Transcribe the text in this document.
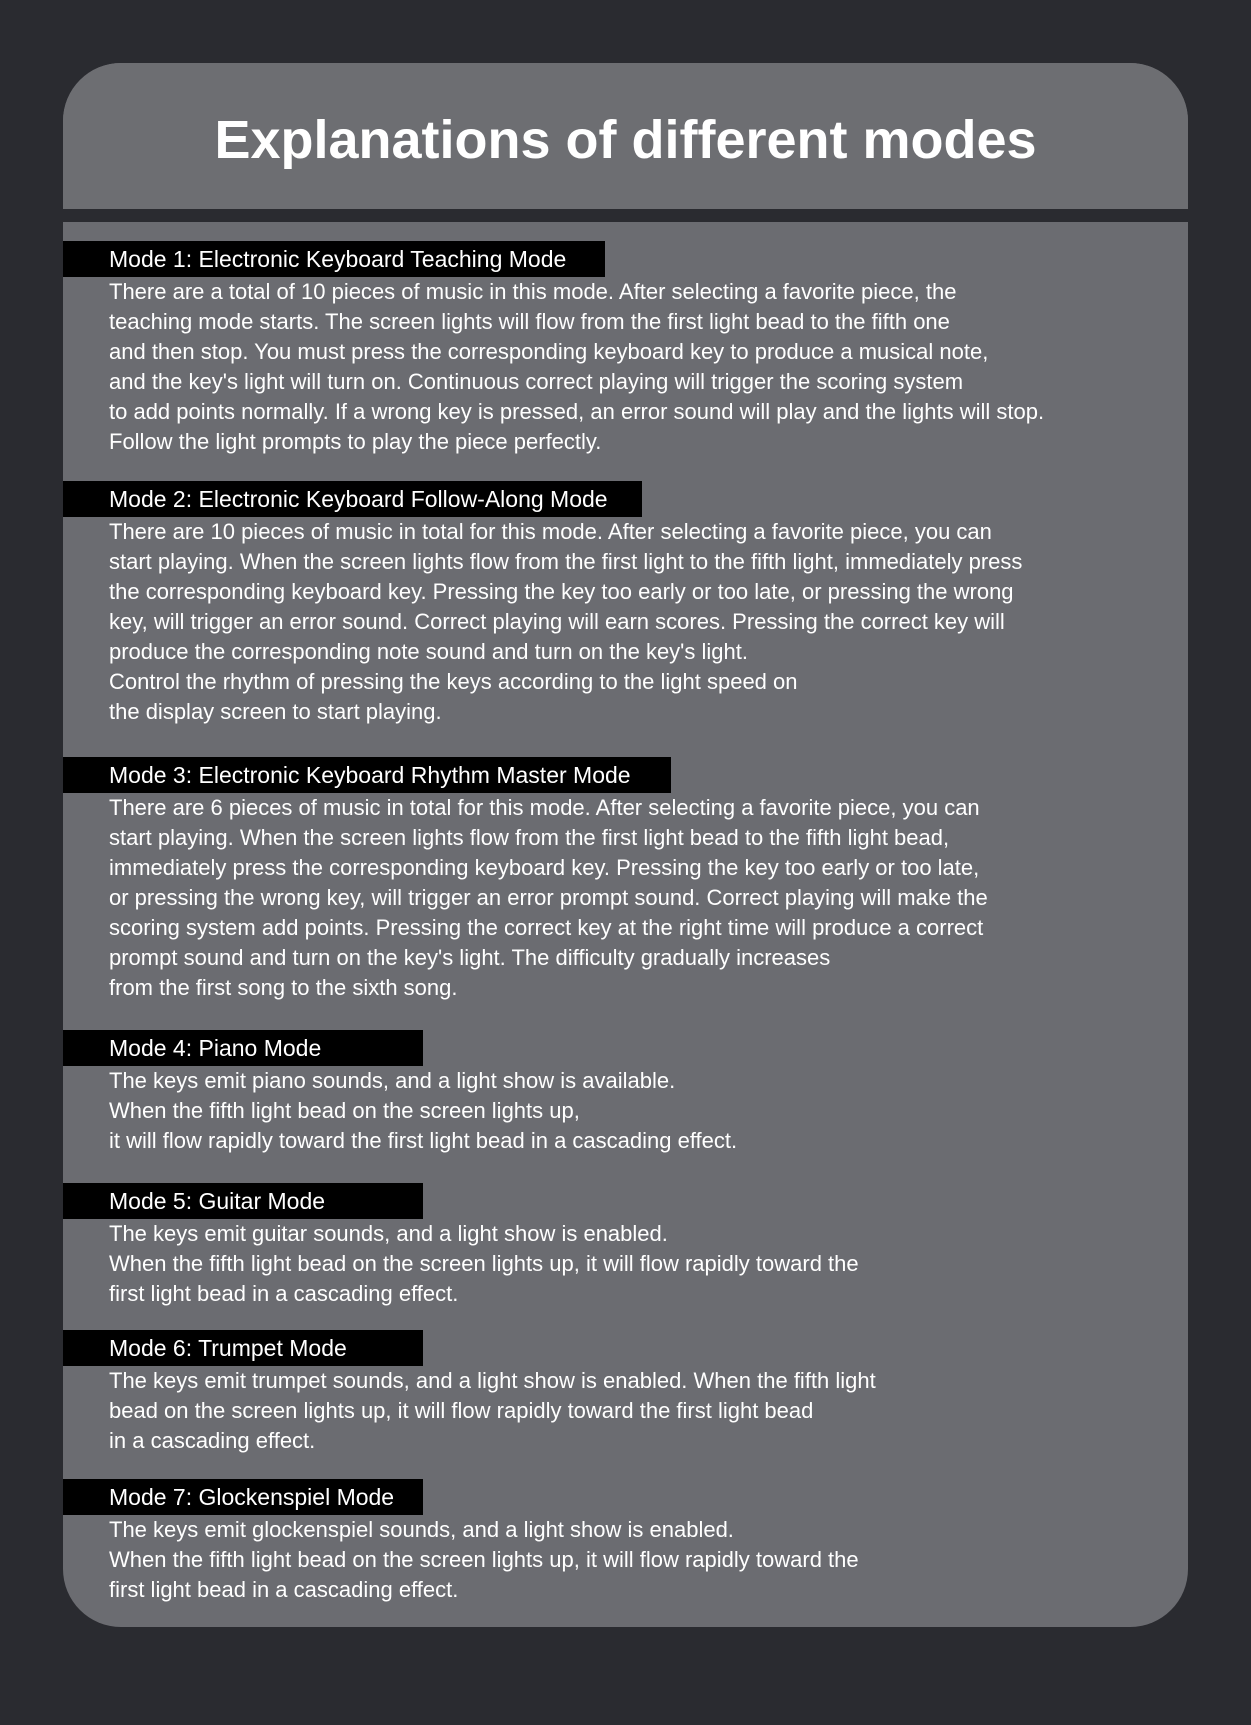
Explanations of different modes
Mode 1: Electronic Keyboard Teaching Mode

There are a total of 10 pieces of music in this mode. After selecting a favorite piece, the
teaching mode starts. The screen lights will flow from the first light bead to the fifth one
and then stop. You must press the corresponding keyboard key to produce a musical note,
and the key's light will turn on. Continuous correct playing will trigger the scoring system
to add points normally. If a wrong key is pressed, an error sound will play and the lights will stop.
Follow the light prompts to play the piece perfectly.

Mode 2: Electronic Keyboard Follow-Along Mode

There are 10 pieces of music in total for this mode. After selecting a favorite piece, you can
start playing. When the screen lights flow from the first light to the fifth light, immediately press
the corresponding keyboard key. Pressing the key too early or too late, or pressing the wrong
key, will trigger an error sound. Correct playing will earn scores. Pressing the correct key will
produce the corresponding note sound and turn on the key's light.
Control the rhythm of pressing the keys according to the light speed on
the display screen to start playing.

Mode 3: Electronic Keyboard Rhythm Master Mode

There are 6 pieces of music in total for this mode. After selecting a favorite piece, you can
start playing. When the screen lights flow from the first light bead to the fifth light bead,
immediately press the corresponding keyboard key. Pressing the key too early or too late,
or pressing the wrong key, will trigger an error prompt sound. Correct playing will make the
scoring system add points. Pressing the correct key at the right time will produce a correct
prompt sound and turn on the key's light. The difficulty gradually increases
from the first song to the sixth song.

Mode 4: Piano Mode

The keys emit piano sounds, and a light show is available.
When the fifth light bead on the screen lights up,
it will flow rapidly toward the first light bead in a cascading effect.

Mode 5: Guitar Mode

The keys emit guitar sounds, and a light show is enabled.
When the fifth light bead on the screen lights up, it will flow rapidly toward the
first light bead in a cascading effect.

Mode 6: Trumpet Mode

The keys emit trumpet sounds, and a light show is enabled. When the fifth light
bead on the screen lights up, it will flow rapidly toward the first light bead
in a cascading effect.

Mode 7: Glockenspiel Mode

The keys emit glockenspiel sounds, and a light show is enabled.
When the fifth light bead on the screen lights up, it will flow rapidly toward the
first light bead in a cascading effect.
